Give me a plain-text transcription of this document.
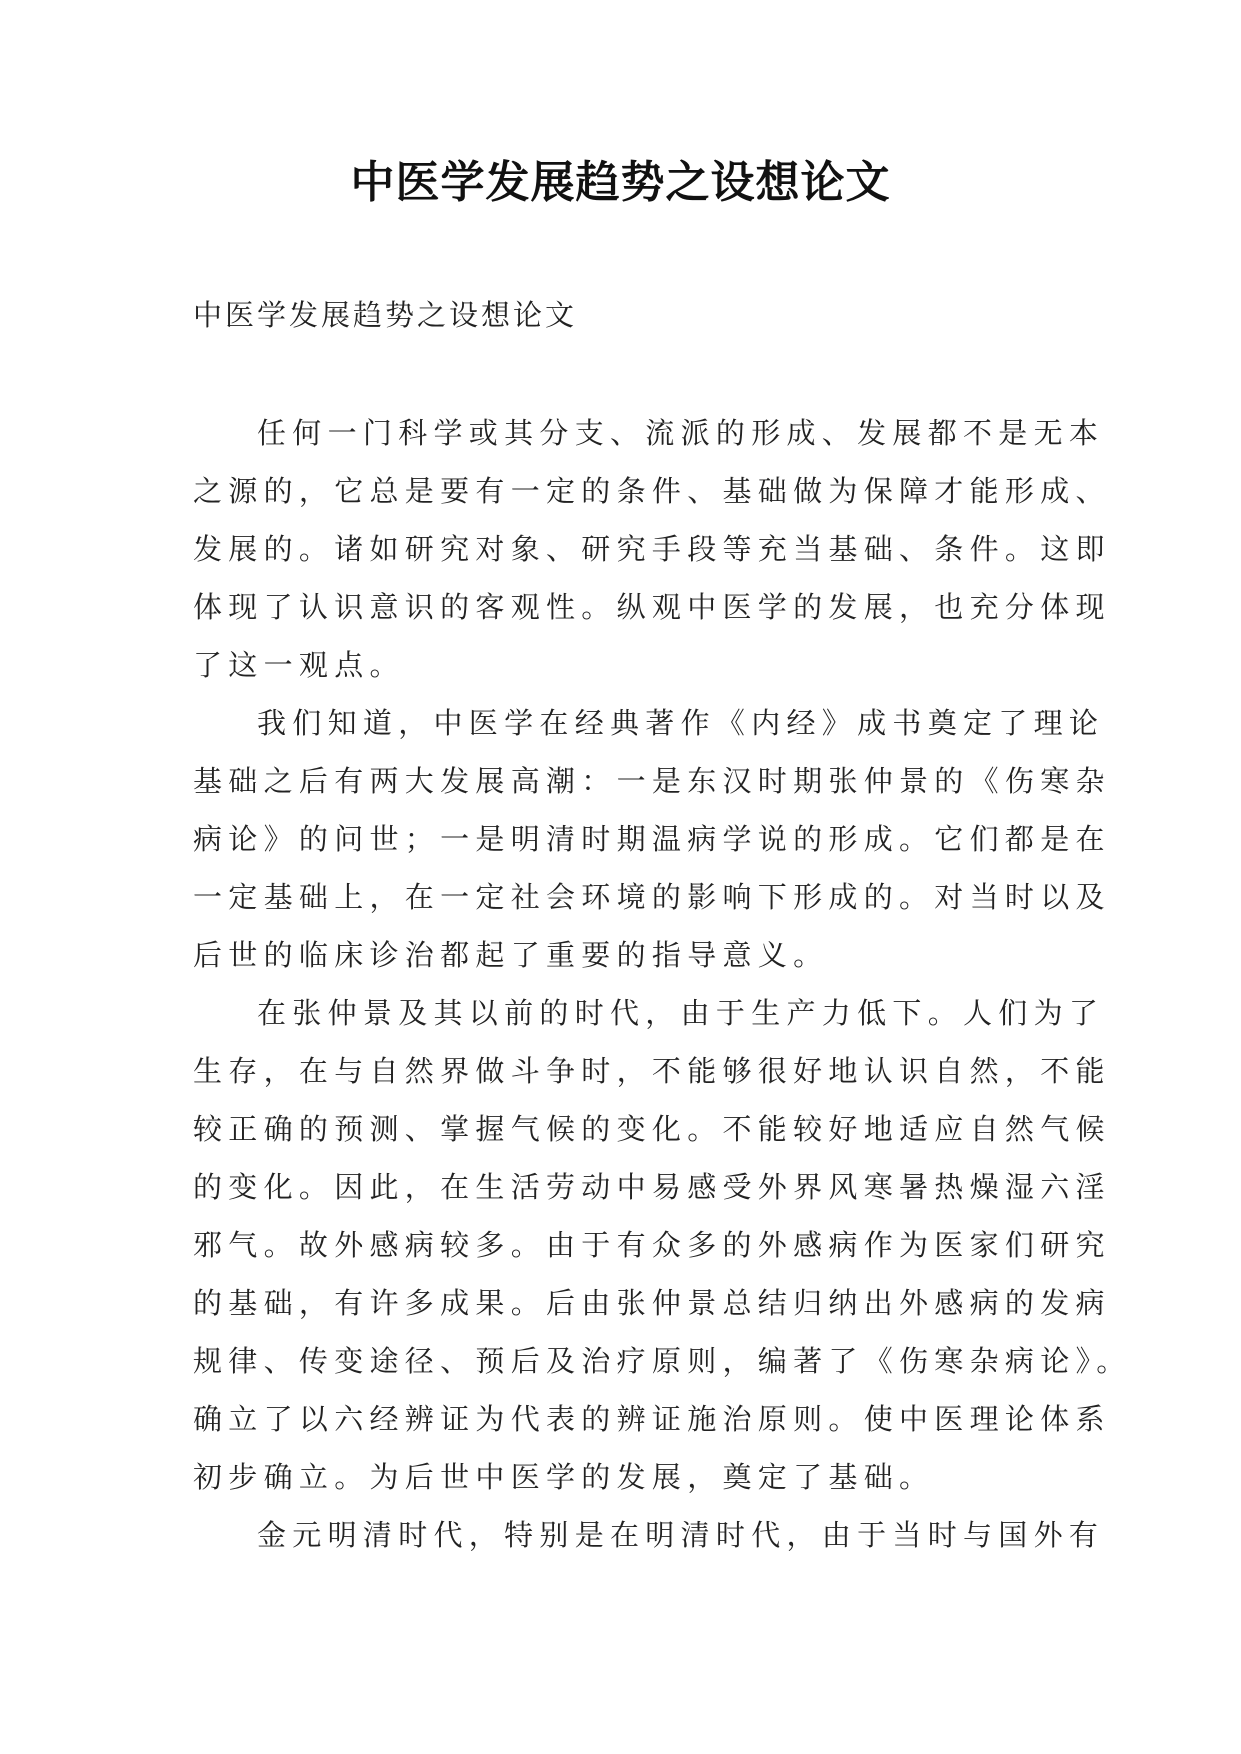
中医学发展趋势之设想论文
中医学发展趋势之设想论文
任何一门科学或其分支、流派的形成、发展都不是无本
之源的，它总是要有一定的条件、基础做为保障才能形成、
发展的。诸如研究对象、研究手段等充当基础、条件。这即
体现了认识意识的客观性。纵观中医学的发展，也充分体现
了这一观点。
我们知道，中医学在经典著作《内经》成书奠定了理论
基础之后有两大发展高潮：一是东汉时期张仲景的《伤寒杂
病论》的问世；一是明清时期温病学说的形成。它们都是在
一定基础上，在一定社会环境的影响下形成的。对当时以及
后世的临床诊治都起了重要的指导意义。
在张仲景及其以前的时代，由于生产力低下。人们为了
生存，在与自然界做斗争时，不能够很好地认识自然，不能
较正确的预测、掌握气候的变化。不能较好地适应自然气候
的变化。因此，在生活劳动中易感受外界风寒暑热燥湿六淫
邪气。故外感病较多。由于有众多的外感病作为医家们研究
的基础，有许多成果。后由张仲景总结归纳出外感病的发病
规律、传变途径、预后及治疗原则，编著了《伤寒杂病论》。
确立了以六经辨证为代表的辨证施治原则。使中医理论体系
初步确立。为后世中医学的发展，奠定了基础。
金元明清时代，特别是在明清时代，由于当时与国外有
